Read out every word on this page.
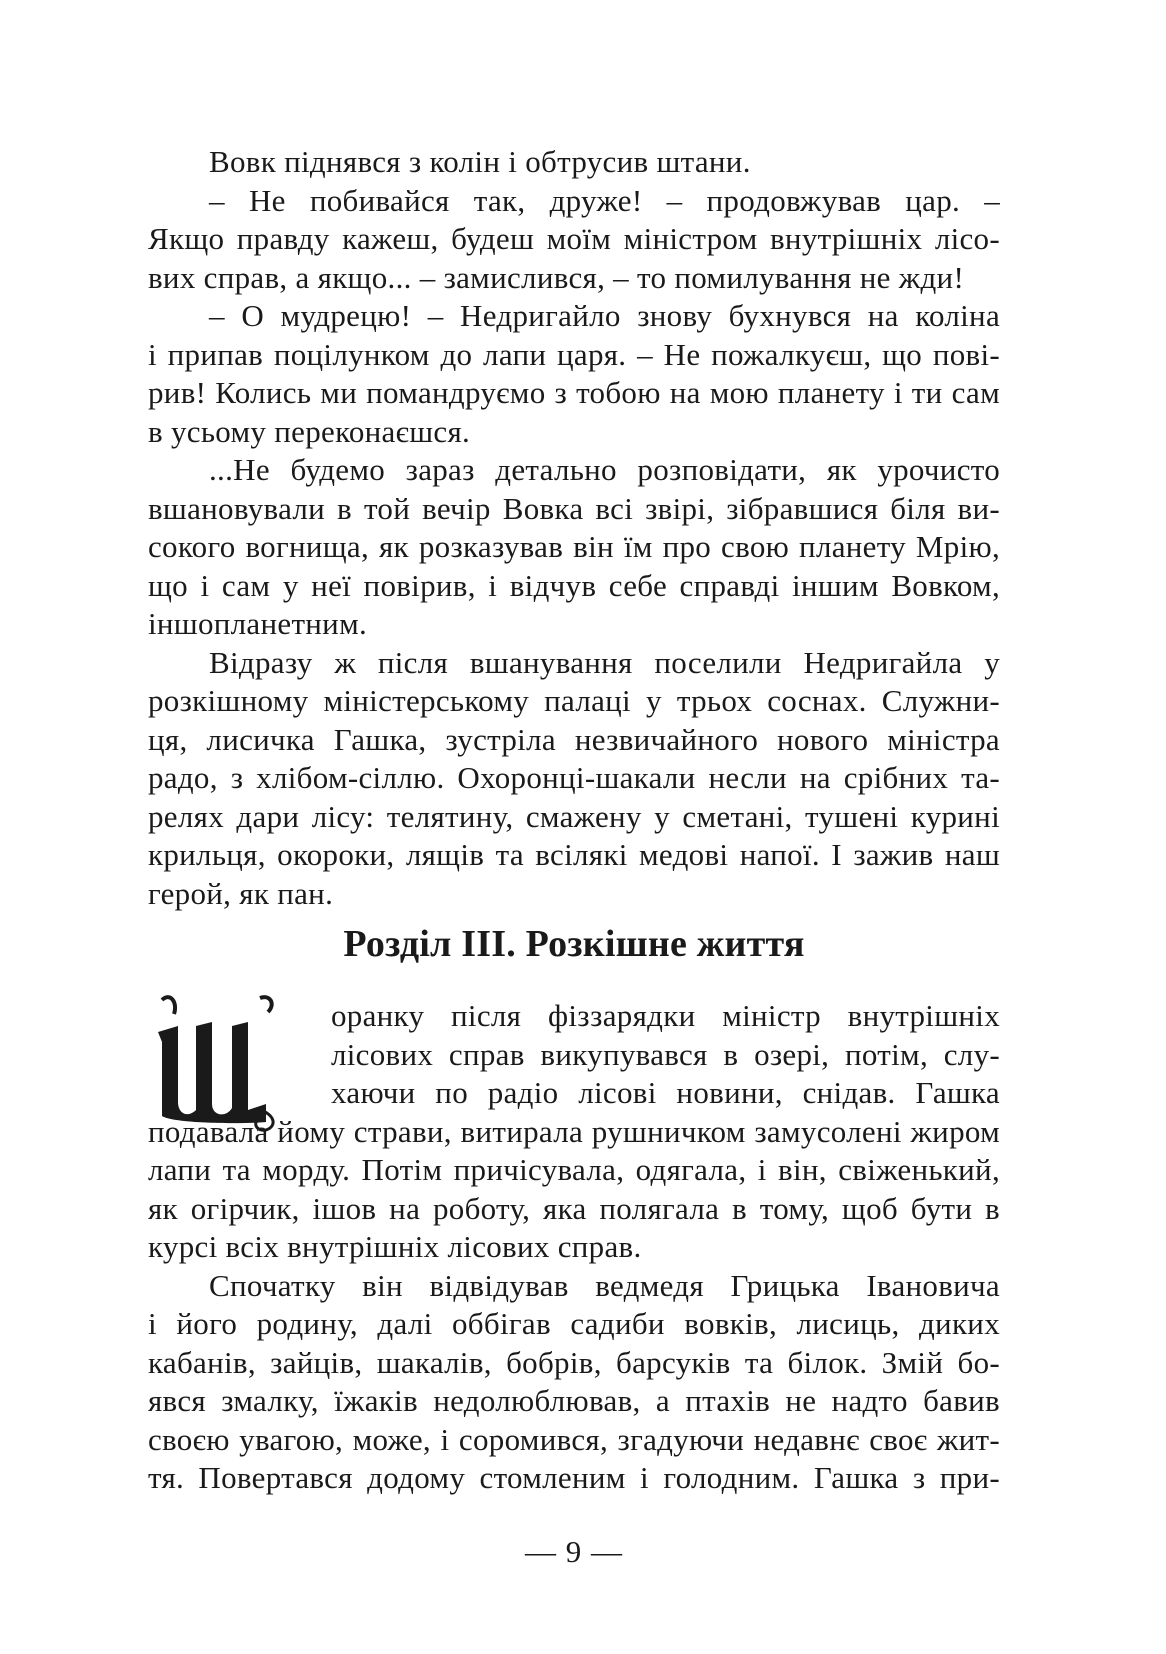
Вовк піднявся з колін і обтрусив штани.
– Не побивайся так, друже! – продовжував цар. –
Якщо правду кажеш, будеш моїм міністром внутрішніх лісо-
вих справ, а якщо... – замислився, – то помилування не жди!
– О мудрецю! – Недригайло знову бухнувся на коліна
і припав поцілунком до лапи царя. – Не пожалкуєш, що пові-
рив! Колись ми помандруємо з тобою на мою планету і ти сам
в усьому переконаєшся.
...Не будемо зараз детально розповідати, як урочисто
вшановували в той вечір Вовка всі звірі, зібравшися біля ви-
сокого вогнища, як розказував він їм про свою планету Мрію,
що і сам у неї повірив, і відчув себе справді іншим Вовком,
іншопланетним.
Відразу ж після вшанування поселили Недригайла у
розкішному міністерському палаці у трьох соснах. Служни-
ця, лисичка Гашка, зустріла незвичайного нового міністра
радо, з хлібом-сіллю. Охоронці-шакали несли на срібних та-
релях дари лісу: телятину, смажену у сметані, тушені курині
крильця, окороки, лящів та всілякі медові напої. І зажив наш
герой, як пан.
Розділ III. Розкішне життя
оранку після фіззарядки міністр внутрішніх
лісових справ викупувався в озері, потім, слу-
хаючи по радіо лісові новини, снідав. Гашка
подавала йому страви, витирала рушничком замусолені жиром
лапи та морду. Потім причісувала, одягала, і він, свіженький,
як огірчик, ішов на роботу, яка полягала в тому, щоб бути в
курсі всіх внутрішніх лісових справ.
Спочатку він відвідував ведмедя Грицька Івановича
і його родину, далі оббігав садиби вовків, лисиць, диких
кабанів, зайців, шакалів, бобрів, барсуків та білок. Змій бо-
явся змалку, їжаків недолюблював, а птахів не надто бавив
своєю увагою, може, і соромився, згадуючи недавнє своє жит-
тя. Повертався додому стомленим і голодним. Гашка з при-
— 9 —
